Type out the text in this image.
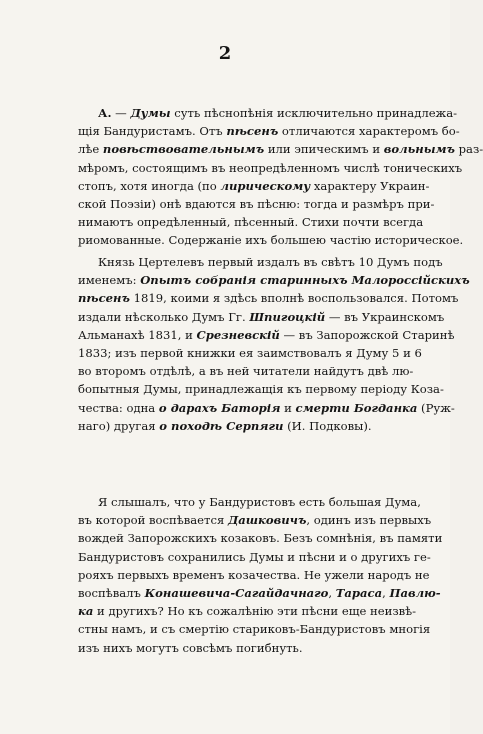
2
А. — Думы суть пѣснопѣнія исключительно принадлежа-
щія Бандуристамъ. Отъ пѣсенъ отличаются характеромъ бо-
лѣе повѣствовательнымъ или эпическимъ и вольнымъ раз-
мѣромъ, состоящимъ въ неопредѣленномъ числѣ тоническихъ
стопъ, хотя иногда (по лирическому характеру Украин-
ской Поэзіи) онѣ вдаются въ пѣсню: тогда и размѣръ при-
нимаютъ опредѣленный, пѣсенный. Стихи почти всегда
риомованные. Содержаніе ихъ большею частію историческое.
Князь Цертелевъ первый издалъ въ свѣтъ 10 Думъ подъ
именемъ: Опытъ собранія старинныхъ Малороссійскихъ
пѣсенъ 1819, коими я здѣсь вполнѣ воспользовался. Потомъ
издали нѣсколько Думъ Гг. Шпигоцкій — въ Украинскомъ
Альманахѣ 1831, и Срезневскій — въ Запорожской Старинѣ
1833; изъ первой книжки ея заимствовалъ я Думу 5 и 6
во второмъ отдѣлѣ, а въ ней читатели найдутъ двѣ лю-
бопытныя Думы, принадлежащія къ первому періоду Коза-
чества: одна о дарахъ Баторія и смерти Богданка (Руж-
наго) другая о походѣ Серпяги (И. Подковы).
Я слышалъ, что у Бандуристовъ есть большая Дума,
въ которой воспѣвается Дашковичъ, одинъ изъ первыхъ
вождей Запорожскихъ козаковъ. Безъ сомнѣнія, въ памяти
Бандуристовъ сохранились Думы и пѣсни и о другихъ ге-
рояхъ первыхъ временъ козачества. Не ужели народъ не
воспѣвалъ Конашевича-Сагайдачнаго, Тараса, Павлю-
ка и другихъ? Но къ сожалѣнію эти пѣсни еще неизвѣ-
стны намъ, и съ смертію стариковъ-Бандуристовъ многія
изъ нихъ могутъ совсѣмъ погибнуть.
